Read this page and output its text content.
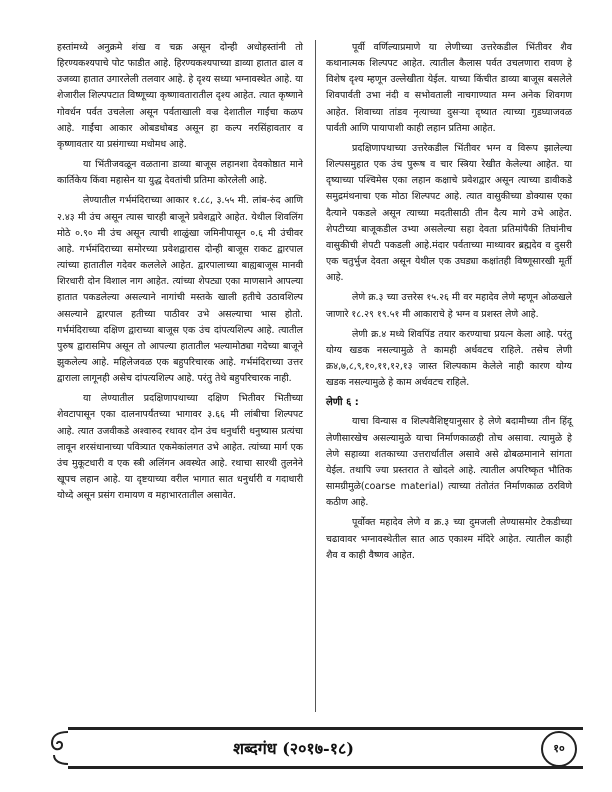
हस्तांमध्ये अनुक्रमे शंख व चक्र असून दोन्ही अधोहस्तांनी तो हिरण्यकश्यपाचे पोट फाडीत आहे. हिरण्यकश्यपाच्या डाव्या हातात ढाल व उजव्या हातात उगारलेली तलवार आहे. हे दृश्य सध्या भग्नावस्थेत आहे. या शेजारील शिल्पपटात विष्णूच्या कृष्णावतारातील दृश्य आहेत. त्यात कृष्णाने गोवर्धन पर्वत उचलेला असून पर्वताखाली वज्र देशातील गाईंचा कळप आहे. गाईंचा आकार ओबडधोबड असून हा कल्प नरसिंहावतार व कृष्णावतार या प्रसंगाच्या मधोमध आहे.

या भिंतीजवळून वळताना डाव्या बाजूस लहानशा देवकोष्ठात माने कार्तिकेय किंवा महासेन या युद्ध देवतांची प्रतिमा कोरलेली आहे.

लेण्यातील गर्भमंदिराच्या आकार १.८८, ३.५५ मी. लांब-रुंद आणि २.४३ मी उंच असून त्यास चारही बाजूने प्रवेशद्वारे आहेत. येथील शिवलिंग मोठे ०.९० मी उंच असून त्याची शाळुंखा जमिनीपासून ०.६ मी उंचीवर आहे. गर्भमंदिराच्या समोरच्या प्रवेशद्वारास दोन्ही बाजूस राकट द्वारपाल त्यांच्या हातातील गदेवर कललेले आहेत. द्वारपालाच्या बाह्यबाजूस मानवी शिरधारी दोन विशाल नाग आहेत. त्यांच्या शेपट्या एका माणसाने आपल्या हातात पकडलेल्या असल्याने नागांची मस्तके खाली हतीचे उठावशिल्प असल्याने द्वारपाल हतीच्या पाठीवर उभे असल्याचा भास होतो. गर्भमंदिराच्या दक्षिण द्वाराच्या बाजूस एक उंच दांपत्यशिल्प आहे. त्यातील पुरुष द्वारासमिप असून तो आपल्या हातातील भल्यामोठ्या गदेच्या बाजूने झुकलेल्य आहे. महिलेजवळ एक बहुपरिचारक आहे. गर्भमंदिराच्या उत्तर द्वाराला लागूनही असेच दांपत्यशिल्प आहे. परंतु तेथे बहुपरिचारक नाही.

या लेण्यातील प्रदक्षिणापथाच्या दक्षिण भितीवर भितीच्या शेवटापासून एका दालनापर्यंतच्या भागावर ३.६६ मी लांबीचा शिल्पपट आहे. त्यात उजवीकडे अश्वारुद रथावर दोन उंच धनुर्धारी धनुष्यास प्रत्यंचा लावून शरसंधानाच्या पवित्र्यात एकमेकांलगत उभे आहेत. त्यांच्या मार्ग एक उंच मुकूटधारी व एक स्त्री अलिंगन अवस्थेत आहे. रथाचा सारथी तुलनेने खूपच लहान आहे. या दृष्टयाच्या वरील भागात सात धनुर्धारी व गदाधारी योध्दे असून प्रसंग रामायण व महाभारतातील असावेत.

पूर्वी वर्णिल्याप्रमाणे या लेणीच्या उत्तरेकडील भिंतीवर शैव कथानात्मक शिल्पपट आहेत. त्यातील कैलास पर्वत उचलणारा रावण हे विशेष दृश्य म्हणून उल्लेखीता येईल. याच्या किंचीत डाव्या बाजूस बसलेले शिवपार्वती उभा नंदी व सभोवताली नाचगाण्यात मग्न अनेक शिवगण आहेत. शिवाच्या तांडव नृत्याच्या दुसऱ्या दृष्यात त्याच्या गुडघ्याजवळ पार्वती आणि पायापाशी काही लहान प्रतिमा आहेत.

प्रदक्षिणापथाच्या उत्तरेकडील भिंतीवर भग्न व विरूप झालेल्या शिल्पसमुहात एक उंच पुरूष व चार स्त्रिया रेखीत केलेल्या आहेत. या दृष्याच्या पश्चिमेस एका लहान कक्षाचे प्रवेशद्वार असून त्याच्या डावीकडे समुद्रमंथनाचा एक मोठा शिल्पपट आहे. त्यात वासुकीच्या डोक्यास एका दैत्याने पकडले असून त्याच्या मदतीसाठी तीन दैत्य मागे उभे आहेत. शेपटीच्या बाजूकडील उभ्या असलेल्या सहा देवता प्रतिमांपैकी तिघांनीच वासुकीची शेपटी पकडली आहे.मंदार पर्वताच्या माथ्यावर ब्रह्मदेव व दुसरी एक चतुर्भुज देवता असून येथील एक उघड्या कक्षांतही विष्णूसारखी मूर्ती आहे.

लेणे क्र.३ च्या उत्तरेस १५.२६ मी वर महादेव लेणे म्हणून ओळखले जाणारे १८.२९ १९.५१ मी आकाराचे हे भग्न व प्रशस्त लेणे आहे.

लेणी क्र.४ मध्ये शिवपिंड तयार करण्याचा प्रयत्न केला आहे. परंतु योग्य खडक नसल्यामुळे ते कामही अर्धवटच राहिले. तसेच लेणी क्र४,७,८,९,१०,११,१२,१३ जास्त शिल्पकाम केलेले नाही कारण योग्य खडक नसल्यामुळे हे काम अर्धवटच राहिले.

लेणी ६ :

याचा विन्यास व शिल्पवैशिष्ट्यानुसार हे लेणे बदामीच्या तीन हिंदू लेणीसारखेच असल्यामुळे याचा निर्माणकाळही तोच असावा. त्यामुळे हे लेणे सहाव्या शतकाच्या उत्तरार्धातील असावे असे ढोबळमानाने सांगता येईल. तथापि ज्या प्रस्तरात ते खोदले आहे. त्यातील अपरिष्कृत भौतिक सामग्रीमुळे(coarse material) त्याच्या तंतोतंत निर्माणकाळ ठरविणे कठीण आहे.

पूर्वोक्त महादेव लेणे व क्र.३ च्या दुमजली लेण्यासमोर टेकडीच्या चढावावर भग्नावस्थेतील सात आठ एकाश्म मंदिरे आहेत. त्यातील काही शैव व काही वैष्णव आहेत.

शब्दगंध (२०१७-१८)	१०
